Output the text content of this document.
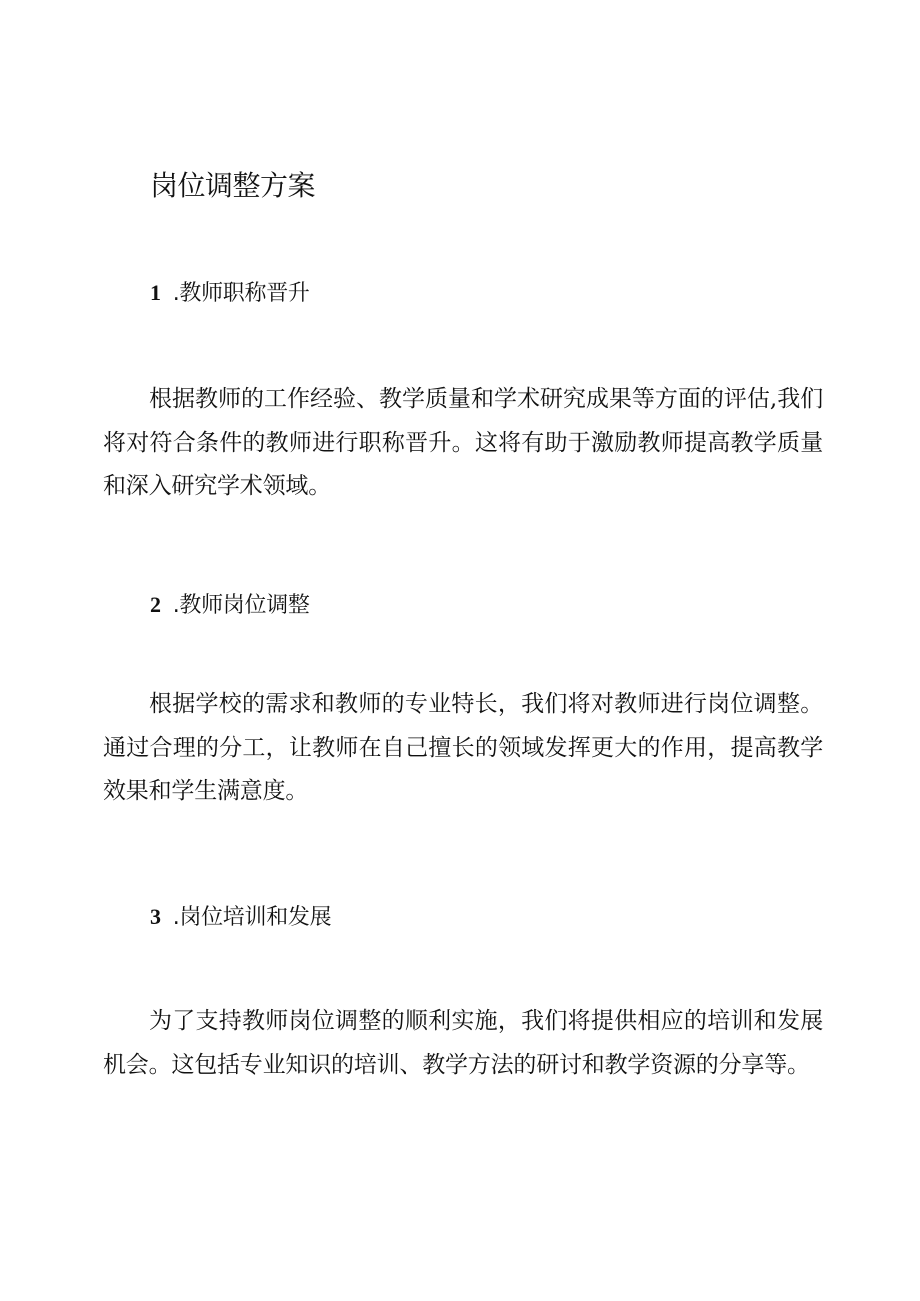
岗位调整方案
1 .教师职称晋升

根据教师的工作经验、教学质量和学术研究成果等方面的评估,我们将对符合条件的教师进行职称晋升。这将有助于激励教师提高教学质量和深入研究学术领域。

2 .教师岗位调整

根据学校的需求和教师的专业特长，我们将对教师进行岗位调整。通过合理的分工，让教师在自己擅长的领域发挥更大的作用，提高教学效果和学生满意度。

3 .岗位培训和发展

为了支持教师岗位调整的顺利实施，我们将提供相应的培训和发展机会。这包括专业知识的培训、教学方法的研讨和教学资源的分享等。
